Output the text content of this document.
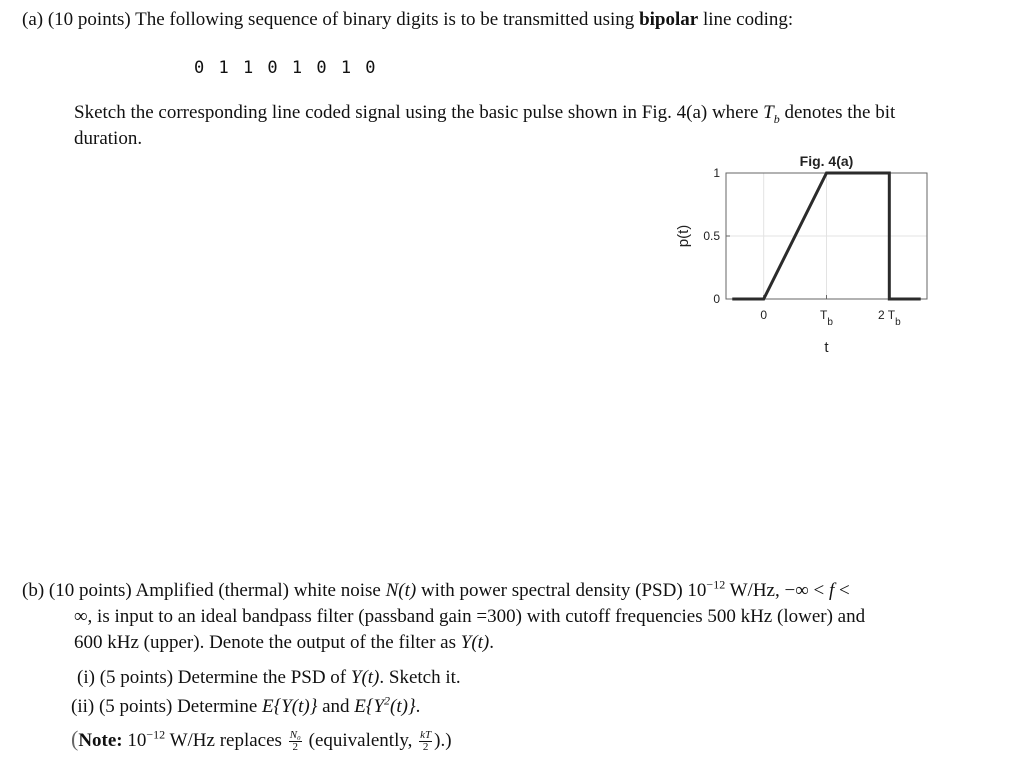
(a) (10 points) The following sequence of binary digits is to be transmitted using bipolar line coding:
0 1 1 0 1 0 1 0
Sketch the corresponding line coded signal using the basic pulse shown in Fig. 4(a) where $T_b$ denotes the bit
duration.
0
0.5
1
0	$T_b$
2 $T_b$
Fig. 4(a)
t
p(t)
(b) (10 points) Amplified (thermal) white noise N(t) with power spectral density (PSD) $10^{-12}$ W/Hz, −∞ < f <
∞, is input to an ideal bandpass filter (passband gain =300) with cutoff frequencies 500 kHz (lower) and
600 kHz (upper). Denote the output of the filter as Y(t).
(i) (5 points) Determine the PSD of Y(t). Sketch it.
(ii) (5 points) Determine E{Y(t)} and $E\{Y^2(t)\}$.
(Note: $10^{-12}$ W/Hz replaces $\frac{\text{N₀}}{2}$ (equivalently, $\frac{kT}{2}$ ).)
